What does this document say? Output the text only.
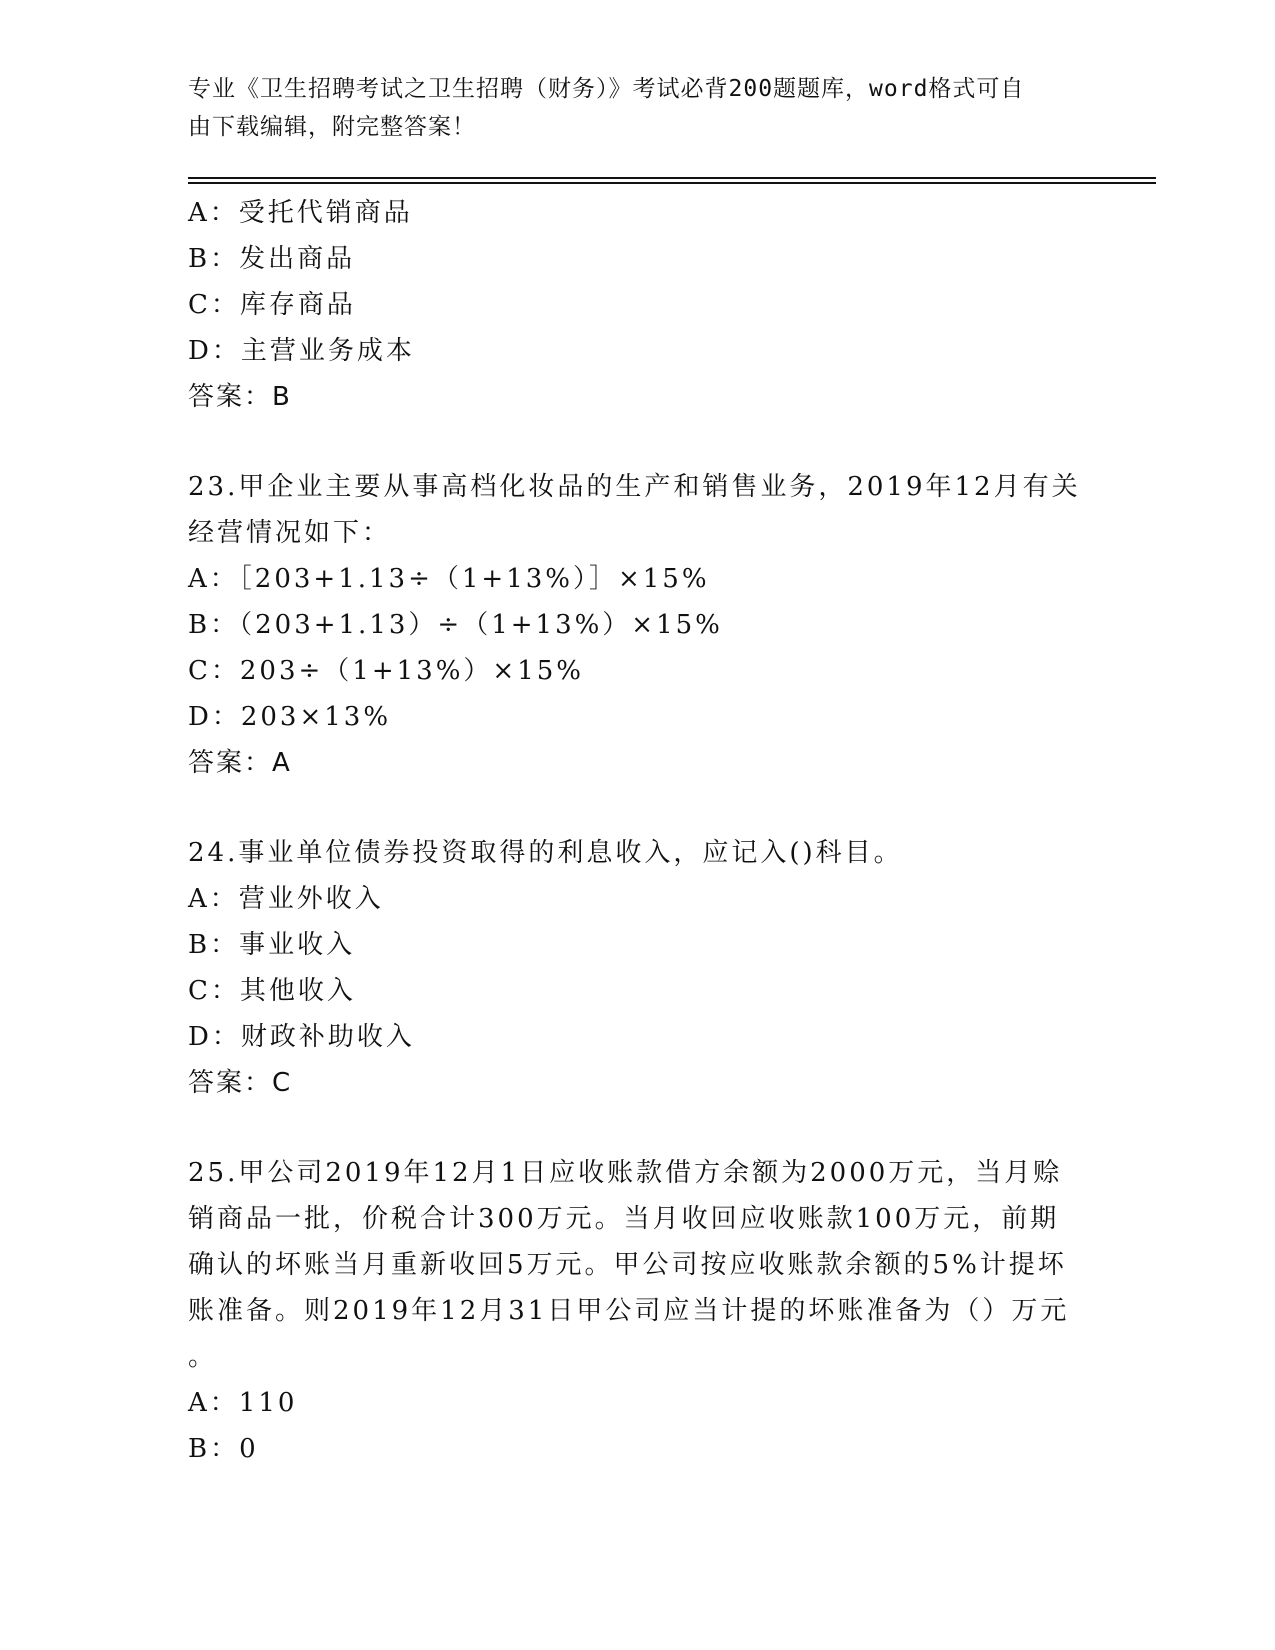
专业《卫生招聘考试之卫生招聘（财务）》考试必背200题题库，word格式可自
由下载编辑，附完整答案！
A：受托代销商品
B：发出商品
C：库存商品
D：主营业务成本
答案：B
23.甲企业主要从事高档化妆品的生产和销售业务，2019年12月有关
经营情况如下：
A：［203+1.13÷（1+13%）］×15%
B：（203+1.13）÷（1+13%）×15%
C：203÷（1+13%）×15%
D：203×13%
答案：A
24.事业单位债券投资取得的利息收入，应记入()科目。
A：营业外收入
B：事业收入
C：其他收入
D：财政补助收入
答案：C
25.甲公司2019年12月1日应收账款借方余额为2000万元，当月赊
销商品一批，价税合计300万元。当月收回应收账款100万元，前期
确认的坏账当月重新收回5万元。甲公司按应收账款余额的5%计提坏
账准备。则2019年12月31日甲公司应当计提的坏账准备为（）万元
。
A：110
B：0
